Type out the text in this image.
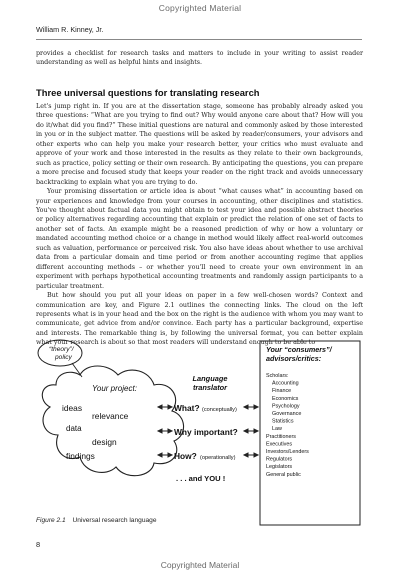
Copyrighted Material
William R. Kinney, Jr.

provides a checklist for research tasks and matters to include in your writing to assist reader understanding as well as helpful hints and insights.

Three universal questions for translating research

Let's jump right in. If you are at the dissertation stage, someone has probably already asked you three questions: “What are you trying to find out? Why would anyone care about that? How will you do it/what did you find?” These initial questions are natural and commonly asked by those interested in you or in the subject matter. The questions will be asked by reader/consumers, your advisors and other experts who can help you make your research better, your critics who must evaluate and approve of your work and those interested in the results as they relate to their own backgrounds, such as practice, policy setting or their own research. By anticipating the questions, you can prepare a more precise and focused study that keeps your reader on the right track and avoids unnecessary backtracking to explain what you are trying to do.

Your promising dissertation or article idea is about “what causes what” in accounting based on your experiences and knowledge from your courses in accounting, other disciplines and statistics. You've thought about factual data you might obtain to test your idea and possible abstract theories or policy alternatives regarding accounting that explain or predict the relation of one set of facts to another set of facts. An example might be a reasoned prediction of why or how a voluntary or mandated accounting method choice or a change in method would likely affect real-world outcomes such as valuation, performance or perceived risk. You also have ideas about whether to use archival data from a particular domain and time period or from another accounting regime that applies different accounting methods – or whether you'll need to create your own environment in an experiment with perhaps hypothetical accounting treatments and randomly assign participants to a particular treatment.

But how should you put all your ideas on paper in a few well-chosen words? Context and communication are key, and Figure 2.1 outlines the connecting links. The cloud on the left represents what is in your head and the box on the right is the audience with whom you may want to communicate, get advice from and/or convince. Each party has a particular background, expertise and interests. The remarkable thing is, by following the universal format, you can better explain what your research is about so that most readers will understand enough to be able to

“theory”/
policy
Your project:
ideas
relevance
data
design
findings
Language
translator
What? (conceptually)
Why important?
How? (operationally)
. . . and YOU !
Your “consumers”/
advisors/critics:
Scholars:
Accounting
Finance
Economics
Psychology
Governance
Statistics
Law
Practitioners
Executives
Investors/Lenders
Regulators
Legislators
General public
Figure 2.1 Universal research language
8
Copyrighted Material
